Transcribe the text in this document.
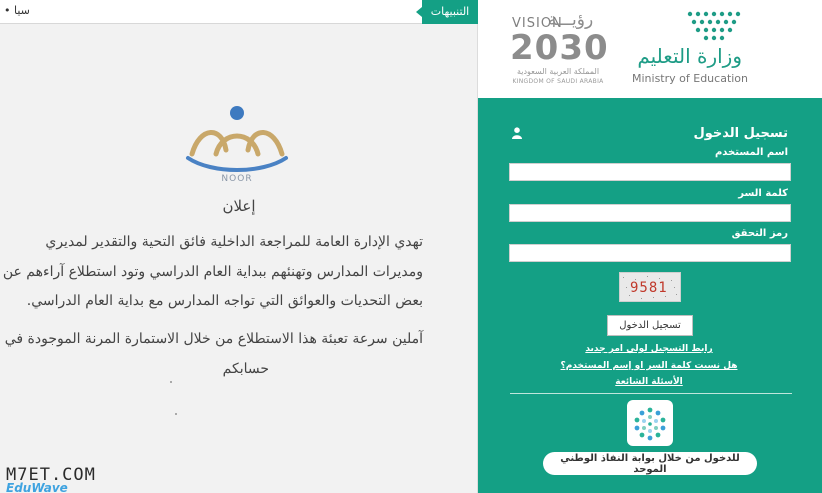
• سيا	التنبيهات
NOOR
إعلان
تهدي الإدارة العامة للمراجعة الداخلية فائق التحية والتقدير لمديري
ومديرات المدارس وتهنئهم ببداية العام الدراسي وتود استطلاع آراءهم عن
بعض التحديات والعوائق التي تواجه المدارس مع بداية العام الدراسي.
آملين سرعة تعبئة هذا الاستطلاع من خلال الاستمارة المرنة الموجودة في
حسابكم
M7ET.COM
EduWave
وزارة التعليم
Ministry of Education
VISION
رؤيـــة
2030
المملكة العربية السعودية
KINGDOM OF SAUDI ARABIA
تسجيل الدخول
اسم المستخدم
كلمة السر
رمز التحقق
9581
تسجيل الدخول
رابط التسجيل لولي امر جديد
هل نسيت كلمة السر او إسم المستخدم؟
الأسئلة الشائعة
للدخول من خلال بوابة النفاذ الوطني الموحد
